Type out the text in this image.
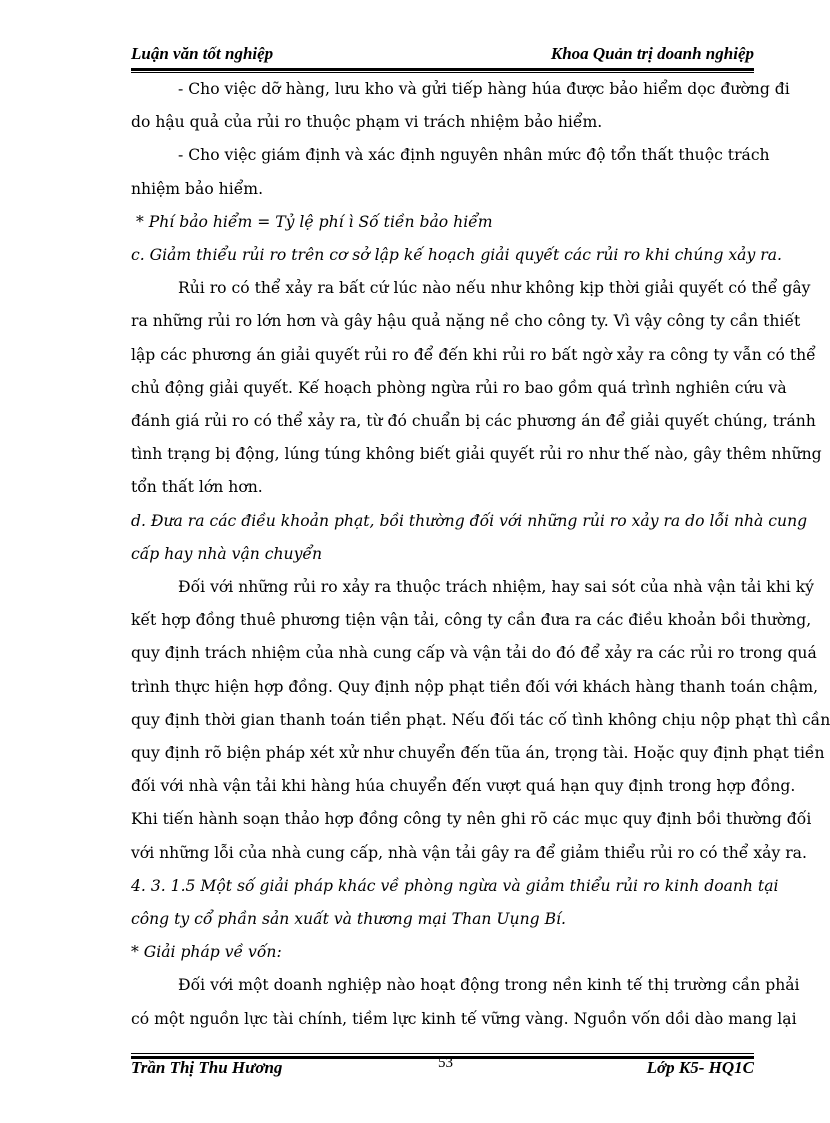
Luận văn tốt nghiệp	Khoa Quản trị doanh nghiệp
- Cho việc dỡ hàng, lưu kho và gửi tiếp hàng húa được bảo hiểm dọc đường đi
do hậu quả của rủi ro thuộc phạm vi trách nhiệm bảo hiểm.
- Cho việc giám định và xác định nguyên nhân mức độ tổn thất thuộc trách
nhiệm bảo hiểm.
* Phí bảo hiểm = Tỷ lệ phí ì Số tiền bảo hiểm
c. Giảm thiểu rủi ro trên cơ sở lập kế hoạch giải quyết các rủi ro khi chúng xảy ra.
Rủi ro có thể xảy ra bất cứ lúc nào nếu như không kịp thời giải quyết có thể gây
ra những rủi ro lớn hơn và gây hậu quả nặng nề cho công ty. Vì vậy công ty cần thiết
lập các phương án giải quyết rủi ro để đến khi rủi ro bất ngờ xảy ra công ty vẫn có thể
chủ động giải quyết. Kế hoạch phòng ngừa rủi ro bao gồm quá trình nghiên cứu và
đánh giá rủi ro có thể xảy ra, từ đó chuẩn bị các phương án để giải quyết chúng, tránh
tình trạng bị động, lúng túng không biết giải quyết rủi ro như thế nào, gây thêm những
tổn thất lớn hơn.
d. Đưa ra các điều khoản phạt, bồi thường đối với những rủi ro xảy ra do lỗi nhà cung
cấp hay nhà vận chuyển
Đối với những rủi ro xảy ra thuộc trách nhiệm, hay sai sót của nhà vận tải khi ký
kết hợp đồng thuê phương tiện vận tải, công ty cần đưa ra các điều khoản bồi thường,
quy định trách nhiệm của nhà cung cấp và vận tải do đó để xảy ra các rủi ro trong quá
trình thực hiện hợp đồng. Quy định nộp phạt tiền đối với khách hàng thanh toán chậm,
quy định thời gian thanh toán tiền phạt. Nếu đối tác cố tình không chịu nộp phạt thì cần
quy định rõ biện pháp xét xử như chuyển đến tũa án, trọng tài. Hoặc quy định phạt tiền
đối với nhà vận tải khi hàng húa chuyển đến vượt quá hạn quy định trong hợp đồng.
Khi tiến hành soạn thảo hợp đồng công ty nên ghi rõ các mục quy định bồi thường đối
với những lỗi của nhà cung cấp, nhà vận tải gây ra để giảm thiểu rủi ro có thể xảy ra.
4. 3. 1.5 Một số giải pháp khác về phòng ngừa và giảm thiểu rủi ro kinh doanh tại
công ty cổ phần sản xuất và thương mại Than Uụng Bí.
* Giải pháp về vốn:
Đối với một doanh nghiệp nào hoạt động trong nền kinh tế thị trường cần phải
có một nguồn lực tài chính, tiềm lực kinh tế vững vàng. Nguồn vốn dồi dào mang lại
Trần Thị Thu Hương	53	Lớp K5- HQ1C
